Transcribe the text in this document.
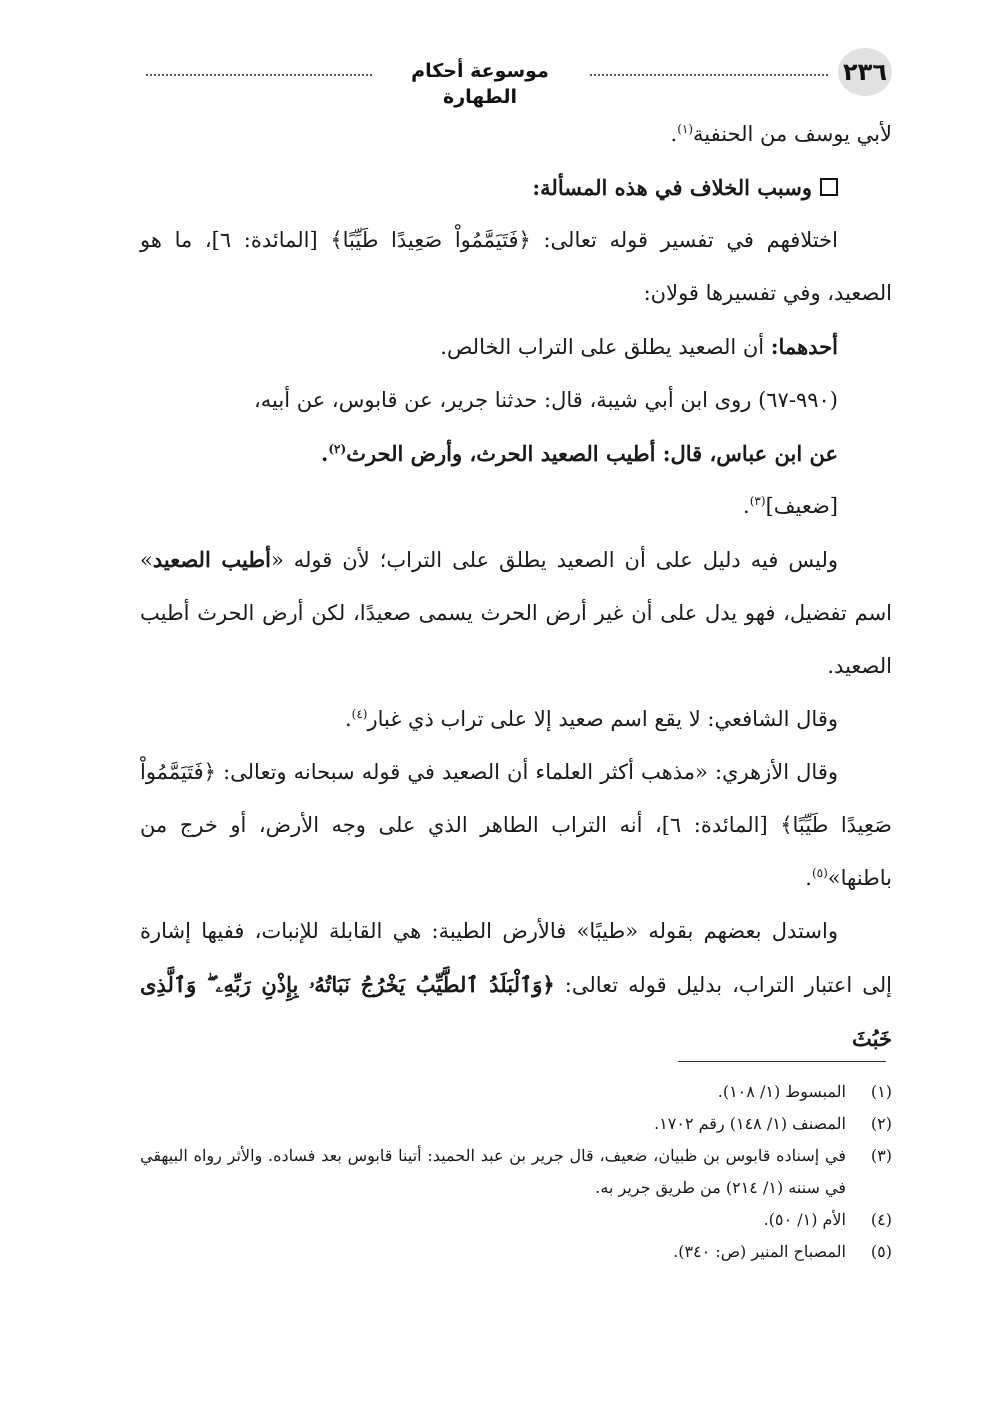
٢٣٦
موسوعة أحكام الطهارة

لأبي يوسف من الحنفية$^{(١)}$.

وسبب الخلاف في هذه المسألة:

اختلافهم في تفسير قوله تعالى: ﴿فَتَيَمَّمُواْ صَعِيدًا طَيِّبًا﴾ [المائدة: ٦]، ما هو الصعيد، وفي تفسيرها قولان:

أحدهما: أن الصعيد يطلق على التراب الخالص.

(٩٩٠-٦٧) روى ابن أبي شيبة، قال: حدثنا جرير، عن قابوس، عن أبيه،

عن ابن عباس، قال: أطيب الصعيد الحرث، وأرض الحرث$^{(٢)}$.

[ضعيف]$^{(٣)}$.

وليس فيه دليل على أن الصعيد يطلق على التراب؛ لأن قوله «أطيب الصعيد» اسم تفضيل، فهو يدل على أن غير أرض الحرث يسمى صعيدًا، لكن أرض الحرث أطيب الصعيد.

وقال الشافعي: لا يقع اسم صعيد إلا على تراب ذي غبار$^{(٤)}$.

وقال الأزهري: «مذهب أكثر العلماء أن الصعيد في قوله سبحانه وتعالى: ﴿فَتَيَمَّمُواْ صَعِيدًا طَيِّبًا﴾ [المائدة: ٦]، أنه التراب الطاهر الذي على وجه الأرض، أو خرج من باطنها»$^{(٥)}$.

واستدل بعضهم بقوله «طيبًا» فالأرض الطيبة: هي القابلة للإنبات، ففيها إشارة إلى اعتبار التراب، بدليل قوله تعالى: ﴿وَٱلْبَلَدُ ٱلطَّيِّبُ يَخْرُجُ نَبَاتُهُۥ بِإِذْنِ رَبِّهِۦ ۖ وَٱلَّذِى خَبُثَ

(١)
المبسوط (١/ ١٠٨).
(٢)
المصنف (١/ ١٤٨) رقم ١٧٠٢.
(٣)
في إسناده قابوس بن ظبيان، ضعيف، قال جرير بن عبد الحميد: أتينا قابوس بعد فساده. والأثر رواه البيهقي في سننه (١/ ٢١٤) من طريق جرير به.
(٤)
الأم (١/ ٥٠).
(٥)
المصباح المنير (ص: ٣٤٠).
